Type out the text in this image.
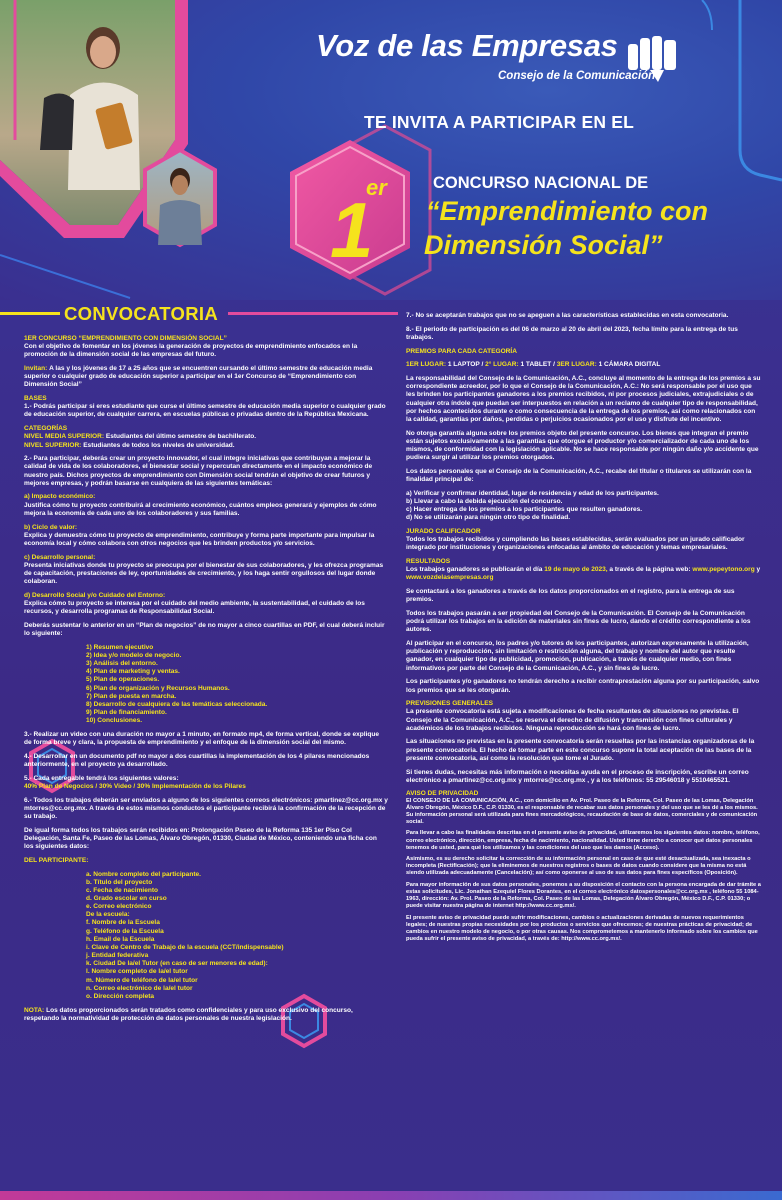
1
er
Voz de las Empresas
Consejo de la Comunicación
TE INVITA A PARTICIPAR EN EL
CONCURSO NACIONAL DE
“Emprendimiento con
Dimensión Social”
CONVOCATORIA

1ER CONCURSO “EMPRENDIMIENTO CON DIMENSIÓN SOCIAL”
Con el objetivo de fomentar en los jóvenes la generación de proyectos de emprendimiento enfocados en la promoción de la dimensión social de las empresas del futuro.

Invitan: A las y los jóvenes de 17 a 25 años que se encuentren cursando el último semestre de educación media superior o cualquier grado de educación superior a participar en el 1er Concurso de “Emprendimiento con Dimensión Social”

BASES
1.- Podrás participar si eres estudiante que curse el último semestre de educación media superior o cualquier grado de educación superior, de cualquier carrera, en escuelas públicas o privadas dentro de la República Mexicana.

CATEGORÍAS
NIVEL MEDIA SUPERIOR: Estudiantes del último semestre de bachillerato.
NIVEL SUPERIOR: Estudiantes de todos los niveles de universidad.

2.- Para participar, deberás crear un proyecto innovador, el cual integre iniciativas que contribuyan a mejorar la calidad de vida de los colaboradores, el bienestar social y repercutan directamente en el impacto económico de nuestro país. Dichos proyectos de emprendimiento con Dimensión social tendrán el objetivo de crear futuros y
mejores empresas, y podrán basarse en cualquiera de las siguientes temáticas:

a) Impacto económico:
Justifica cómo tu proyecto contribuirá al crecimiento económico, cuántos empleos generará y ejemplos de cómo mejora la economía de cada uno de los colaboradores y sus familias.

b) Ciclo de valor:
Explica y demuestra cómo tu proyecto de emprendimiento, contribuye y forma parte importante para impulsar la economía local y cómo colabora con otros negocios que les brinden productos y/o servicios.

c) Desarrollo personal:
Presenta iniciativas donde tu proyecto se preocupa por el bienestar de sus colaboradores, y les ofrezca programas de capacitación, prestaciones de ley, oportunidades de crecimiento, y los haga sentir orgullosos del lugar donde colaboran.

d) Desarrollo Social y/o Cuidado del Entorno:
Explica cómo tu proyecto se interesa por el cuidado del medio ambiente, la sustentabilidad, el cuidado de los recursos, y desarrolla programas de Responsabilidad Social.

Deberás sustentar lo anterior en un “Plan de negocios” de no mayor a cinco cuartillas en PDF, el cual deberá incluir lo siguiente:

1) Resumen ejecutivo
2) Idea y/o modelo de negocio.
3) Análisis del entorno.
4) Plan de marketing y ventas.
5) Plan de operaciones.
6) Plan de organización y Recursos Humanos.
7) Plan de puesta en marcha.
8) Desarrollo de cualquiera de las temáticas seleccionada.
9) Plan de financiamiento.
10) Conclusiones.

3.- Realizar un video con una duración no mayor a 1 minuto, en formato mp4, de forma vertical, donde se explique de forma breve y clara, la propuesta de emprendimiento y el enfoque de la dimensión social del mismo.

4.- Desarrollar en un documento pdf no mayor a dos cuartillas la implementación de los 4 pilares mencionados anteriormente, en el proyecto ya desarrollado.

5.- Cada entregable tendrá los siguientes valores:
40% Plan de Negocios / 30% Video / 30% Implementación de los Pilares

6.- Todos los trabajos deberán ser enviados a alguno de los siguientes correos electrónicos: pmartinez@cc.org.mx y mtorres@cc.org.mx. A través de estos mismos conductos el participante recibirá la confirmación de la recepción de su trabajo.

De igual forma todos los trabajos serán recibidos en: Prolongación Paseo de la Reforma 135 1er Piso Col Delegación, Santa Fe, Paseo de las Lomas, Álvaro Obregón, 01330, Ciudad de México, conteniendo una ficha con los siguientes datos:

DEL PARTICIPANTE:

a. Nombre completo del participante.
b. Título del proyecto
c. Fecha de nacimiento
d. Grado escolar en curso
e. Correo electrónico
De la escuela:
f. Nombre de la Escuela
g. Teléfono de la Escuela
h. Email de la Escuela
i. Clave de Centro de Trabajo de la escuela (CCT/indispensable)
j. Entidad federativa
k. Ciudad De la/el Tutor (en caso de ser menores de edad):
l. Nombre completo de la/el tutor
m. Número de teléfono de la/el tutor
n. Correo electrónico de la/el tutor
o. Dirección completa

NOTA: Los datos proporcionados serán tratados como confidenciales y para uso exclusivo del concurso, respetando la normatividad de protección de datos personales de nuestra legislación.

7.- No se aceptarán trabajos que no se apeguen a las características establecidas en esta convocatoria.

8.- El periodo de participación es del 06 de marzo al 20 de abril del 2023, fecha límite para la entrega de tus trabajos.

PREMIOS PARA CADA CATEGORÍA

1ER LUGAR: 1 LAPTOP / 2° LUGAR: 1 TABLET / 3ER LUGAR: 1 CÁMARA DIGITAL

La responsabilidad del Consejo de la Comunicación, A.C., concluye al momento de la entrega de los premios a su correspondiente acreedor, por lo que el Consejo de la Comunicación, A.C.: No será responsable por el uso que les brinden los participantes ganadores a los premios recibidos, ni por procesos judiciales, extrajudiciales o de cualquier otra índole que puedan ser interpuestos en relación a un reclamo de cualquier tipo de responsabilidad, por hechos acontecidos durante o como consecuencia de la entrega de los premios, así como relacionados con la calidad, garantías por daños, perdidas o perjuicios ocasionados por el uso y disfrute del incentivo.

No otorga garantía alguna sobre los premios objeto del presente concurso. Los bienes que integran el premio están sujetos exclusivamente a las garantías que otorgue el productor y/o comercializador de cada uno de los mismos, de conformidad con la legislación aplicable. No se hace responsable por ningún daño y/o accidente que pudiera surgir al utilizar los premios otorgados.

Los datos personales que el Consejo de la Comunicación, A.C., recabe del titular o titulares se utilizarán con la finalidad principal de:

a) Verificar y confirmar identidad, lugar de residencia y edad de los participantes.
b) Llevar a cabo la debida ejecución del concurso.
c) Hacer entrega de los premios a los participantes que resulten ganadores.
d) No se utilizarán para ningún otro tipo de finalidad.

JURADO CALIFICADOR
Todos los trabajos recibidos y cumpliendo las bases establecidas, serán evaluados por un jurado calificador integrado por instituciones y organizaciones enfocadas al ámbito de educación y temas empresariales.

RESULTADOS
Los trabajos ganadores se publicarán el día 19 de mayo de 2023, a través de la página web: www.pepeytono.org y www.vozdelasempresas.org

Se contactará a los ganadores a través de los datos proporcionados en el registro, para la entrega de sus premios.

Todos los trabajos pasarán a ser propiedad del Consejo de la Comunicación. El Consejo de la Comunicación podrá utilizar los trabajos en la edición de materiales sin fines de lucro, dando el crédito correspondiente a los autores.

Al participar en el concurso, los padres y/o tutores de los participantes, autorizan expresamente la utilización, publicación y reproducción, sin limitación o restricción alguna, del trabajo y nombre del autor que resulte ganador, en cualquier tipo de publicidad, promoción, publicación, a través de cualquier medio, con fines informativos por parte del Consejo de la Comunicación, A.C., y sin fines de lucro.

Los participantes y/o ganadores no tendrán derecho a recibir contraprestación alguna por su participación, salvo los premios que se les otorgarán.

PREVISIONES GENERALES
La presente convocatoria está sujeta a modificaciones de fecha resultantes de situaciones no previstas. El Consejo de la Comunicación, A.C., se reserva el derecho de difusión y transmisión con fines culturales y académicos de los trabajos recibidos. Ninguna reproducción se hará con fines de lucro.

Las situaciones no previstas en la presente convocatoria serán resueltas por las instancias organizadoras de la presente convocatoria. El hecho de tomar parte en este concurso supone la total aceptación de las bases de la presente convocatoria, así como la resolución que tome el Jurado.

Si tienes dudas, necesitas más información o necesitas ayuda en el proceso de inscripción, escribe un correo electrónico a pmartinez@cc.org.mx y mtorres@cc.org.mx , y a los teléfonos: 55 29546018 y 5510465521.

AVISO DE PRIVACIDAD
El CONSEJO DE LA COMUNICACIÓN, A.C., con domicilio en Av. Prol. Paseo de la Reforma, Col. Paseo de las Lomas, Delegación Álvaro Obregón, México D.F., C.P. 01330, es el responsable de recabar sus datos personales y del uso que se les dé a los mismos. Su información personal será utilizada para fines mercadológicos, recaudación de base de datos, comerciales y de comunicación social.

Para llevar a cabo las finalidades descritas en el presente aviso de privacidad, utilizaremos los siguientes datos: nombre, teléfono, correo electrónico, dirección, empresa, fecha de nacimiento, nacionalidad. Usted tiene derecho a conocer qué datos personales tenemos de usted, para qué los utilizamos y las condiciones del uso que les damos (Acceso).

Asimismo, es su derecho solicitar la corrección de su información personal en caso de que esté desactualizada, sea inexacta o incompleta (Rectificación); que la eliminemos de nuestros registros o bases de datos cuando considere que la misma no está siendo utilizada adecuadamente (Cancelación); así como oponerse al uso de sus datos para fines específicos (Oposición).

Para mayor información de sus datos personales, ponemos a su disposición el contacto con la persona encargada de dar trámite a estas solicitudes, Lic. Jonathan Ezequiel Flores Dorantes, en el correo electrónico datospersonales@cc.org.mx , teléfono 55 1084-1963, dirección: Av. Prol. Paseo de la Reforma, Col. Paseo de las Lomas, Delegación Álvaro Obregón, México D.F., C.P. 01330; o puede visitar nuestra página de internet http://www.cc.org.mx/.

El presente aviso de privacidad puede sufrir modificaciones, cambios o actualizaciones derivadas de nuevos requerimientos legales; de nuestras propias necesidades por los productos o servicios que ofrecemos; de nuestras prácticas de privacidad; de cambios en nuestro modelo de negocio, o por otras causas. Nos comprometemos a mantenerlo informado sobre los cambios que pueda sufrir el presente aviso de privacidad, a través de: http://www.cc.org.mx/.
